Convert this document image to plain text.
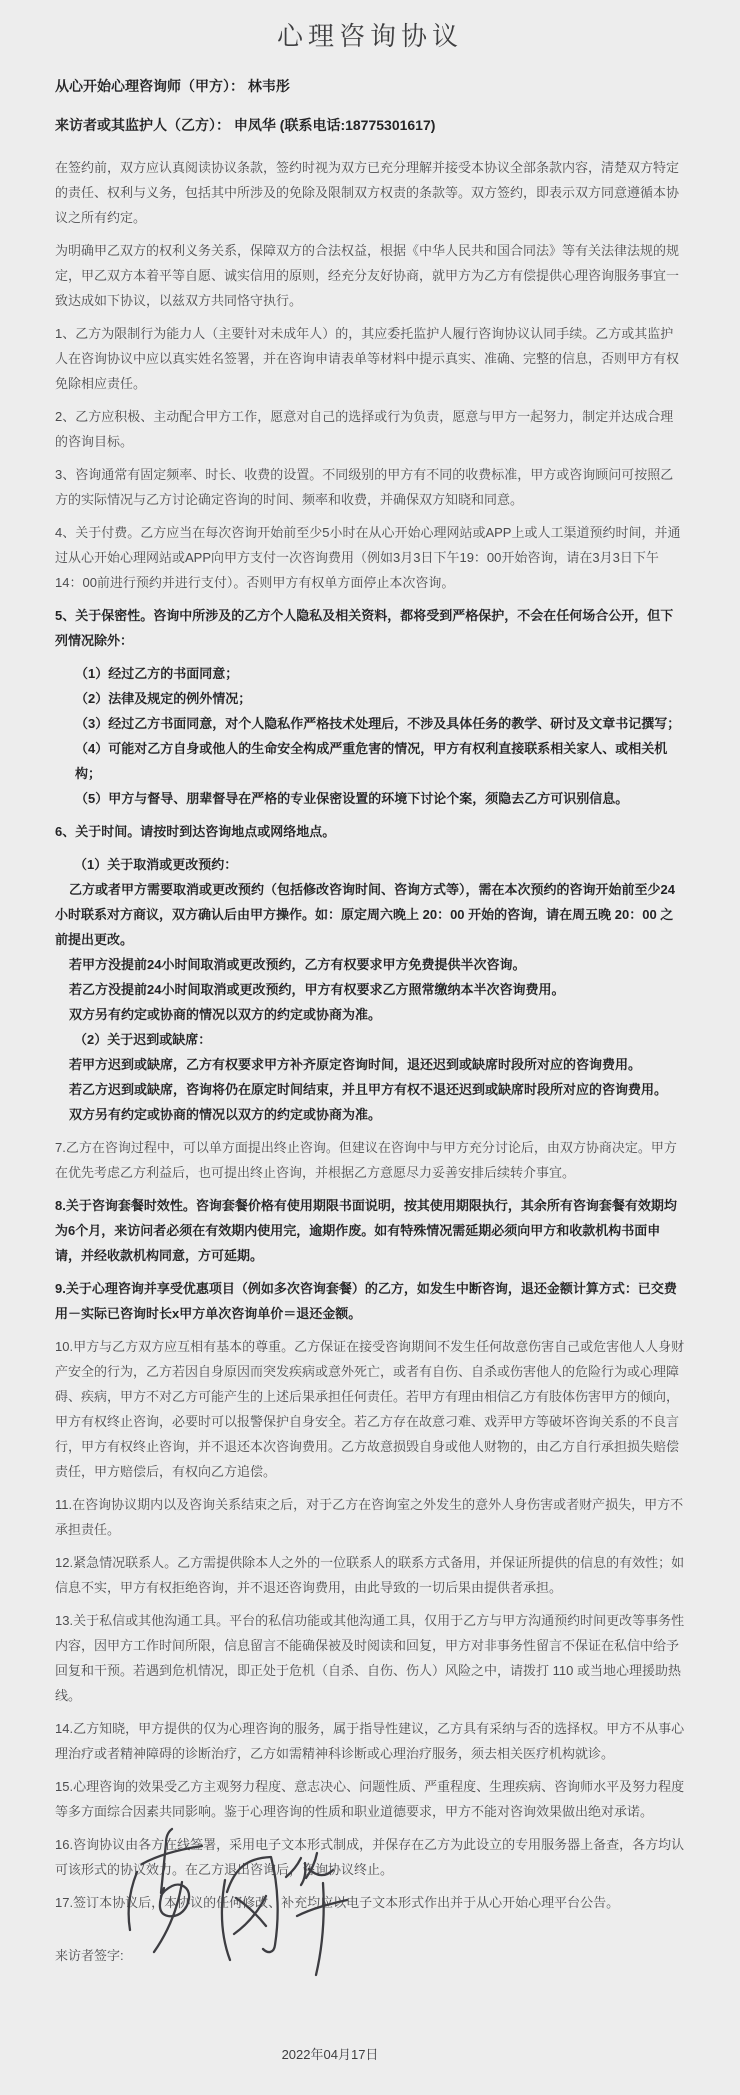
心理咨询协议
从心开始心理咨询师（甲方）： 林韦彤
来访者或其监护人（乙方）： 申凤华 (联系电话:18775301617)

在签约前，双方应认真阅读协议条款，签约时视为双方已充分理解并接受本协议全部条款内容，清楚双方特定的责任、权利与义务，包括其中所涉及的免除及限制双方权责的条款等。双方签约，即表示双方同意遵循本协议之所有约定。

为明确甲乙双方的权利义务关系，保障双方的合法权益，根据《中华人民共和国合同法》等有关法律法规的规定，甲乙双方本着平等自愿、诚实信用的原则，经充分友好协商，就甲方为乙方有偿提供心理咨询服务事宜一致达成如下协议，以兹双方共同恪守执行。

1、乙方为限制行为能力人（主要针对未成年人）的，其应委托监护人履行咨询协议认同手续。乙方或其监护人在咨询协议中应以真实姓名签署，并在咨询申请表单等材料中提示真实、准确、完整的信息，否则甲方有权免除相应责任。

2、乙方应积极、主动配合甲方工作，愿意对自己的选择或行为负责，愿意与甲方一起努力，制定并达成合理的咨询目标。

3、咨询通常有固定频率、时长、收费的设置。不同级别的甲方有不同的收费标准，甲方或咨询顾问可按照乙方的实际情况与乙方讨论确定咨询的时间、频率和收费，并确保双方知晓和同意。

4、关于付费。乙方应当在每次咨询开始前至少5小时在从心开始心理网站或APP上或人工渠道预约时间，并通过从心开始心理网站或APP向甲方支付一次咨询费用（例如3月3日下午19：00开始咨询，请在3月3日下午14：00前进行预约并进行支付）。否则甲方有权单方面停止本次咨询。

5、关于保密性。咨询中所涉及的乙方个人隐私及相关资料，都将受到严格保护，不会在任何场合公开，但下列情况除外：

（1）经过乙方的书面同意；

（2）法律及规定的例外情况；

（3）经过乙方书面同意，对个人隐私作严格技术处理后，不涉及具体任务的教学、研讨及文章书记撰写；

（4）可能对乙方自身或他人的生命安全构成严重危害的情况，甲方有权利直接联系相关家人、或相关机构；

（5）甲方与督导、朋辈督导在严格的专业保密设置的环境下讨论个案，须隐去乙方可识别信息。

6、关于时间。请按时到达咨询地点或网络地点。

（1）关于取消或更改预约：

乙方或者甲方需要取消或更改预约（包括修改咨询时间、咨询方式等），需在本次预约的咨询开始前至少24小时联系对方商议，双方确认后由甲方操作。如：原定周六晚上 20：00 开始的咨询，请在周五晚 20：00 之前提出更改。

若甲方没提前24小时间取消或更改预约，乙方有权要求甲方免费提供半次咨询。

若乙方没提前24小时间取消或更改预约，甲方有权要求乙方照常缴纳本半次咨询费用。

双方另有约定或协商的情况以双方的约定或协商为准。

（2）关于迟到或缺席：

若甲方迟到或缺席，乙方有权要求甲方补齐原定咨询时间，退还迟到或缺席时段所对应的咨询费用。

若乙方迟到或缺席，咨询将仍在原定时间结束，并且甲方有权不退还迟到或缺席时段所对应的咨询费用。

双方另有约定或协商的情况以双方的约定或协商为准。

7.乙方在咨询过程中，可以单方面提出终止咨询。但建议在咨询中与甲方充分讨论后，由双方协商决定。甲方在优先考虑乙方利益后，也可提出终止咨询，并根据乙方意愿尽力妥善安排后续转介事宜。

8.关于咨询套餐时效性。咨询套餐价格有使用期限书面说明，按其使用期限执行，其余所有咨询套餐有效期均为6个月，来访问者必须在有效期内使用完，逾期作废。如有特殊情况需延期必须向甲方和收款机构书面申请，并经收款机构同意，方可延期。

9.关于心理咨询并享受优惠项目（例如多次咨询套餐）的乙方，如发生中断咨询，退还金额计算方式：已交费用－实际已咨询时长x甲方单次咨询单价＝退还金额。

10.甲方与乙方双方应互相有基本的尊重。乙方保证在接受咨询期间不发生任何故意伤害自己或危害他人人身财产安全的行为，乙方若因自身原因而突发疾病或意外死亡，或者有自伤、自杀或伤害他人的危险行为或心理障碍、疾病，甲方不对乙方可能产生的上述后果承担任何责任。若甲方有理由相信乙方有肢体伤害甲方的倾向，甲方有权终止咨询，必要时可以报警保护自身安全。若乙方存在故意刁难、戏弄甲方等破坏咨询关系的不良言行，甲方有权终止咨询，并不退还本次咨询费用。乙方故意损毁自身或他人财物的，由乙方自行承担损失赔偿责任，甲方赔偿后，有权向乙方追偿。

11.在咨询协议期内以及咨询关系结束之后，对于乙方在咨询室之外发生的意外人身伤害或者财产损失，甲方不承担责任。

12.紧急情况联系人。乙方需提供除本人之外的一位联系人的联系方式备用，并保证所提供的信息的有效性；如信息不实，甲方有权拒绝咨询，并不退还咨询费用，由此导致的一切后果由提供者承担。

13.关于私信或其他沟通工具。平台的私信功能或其他沟通工具，仅用于乙方与甲方沟通预约时间更改等事务性内容，因甲方工作时间所限，信息留言不能确保被及时阅读和回复，甲方对非事务性留言不保证在私信中给予回复和干预。若遇到危机情况，即正处于危机（自杀、自伤、伤人）风险之中，请拨打 110 或当地心理援助热线。

14.乙方知晓，甲方提供的仅为心理咨询的服务，属于指导性建议，乙方具有采纳与否的选择权。甲方不从事心理治疗或者精神障碍的诊断治疗，乙方如需精神科诊断或心理治疗服务，须去相关医疗机构就诊。

15.心理咨询的效果受乙方主观努力程度、意志决心、问题性质、严重程度、生理疾病、咨询师水平及努力程度等多方面综合因素共同影响。鉴于心理咨询的性质和职业道德要求，甲方不能对咨询效果做出绝对承诺。

16.咨询协议由各方在线签署，采用电子文本形式制成，并保存在乙方为此设立的专用服务器上备查，各方均认可该形式的协议效力。在乙方退出咨询后，咨询协议终止。

17.签订本协议后，本协议的任何修改、补充均应以电子文本形式作出并于从心开始心理平台公告。

来访者签字:
2022年04月17日
